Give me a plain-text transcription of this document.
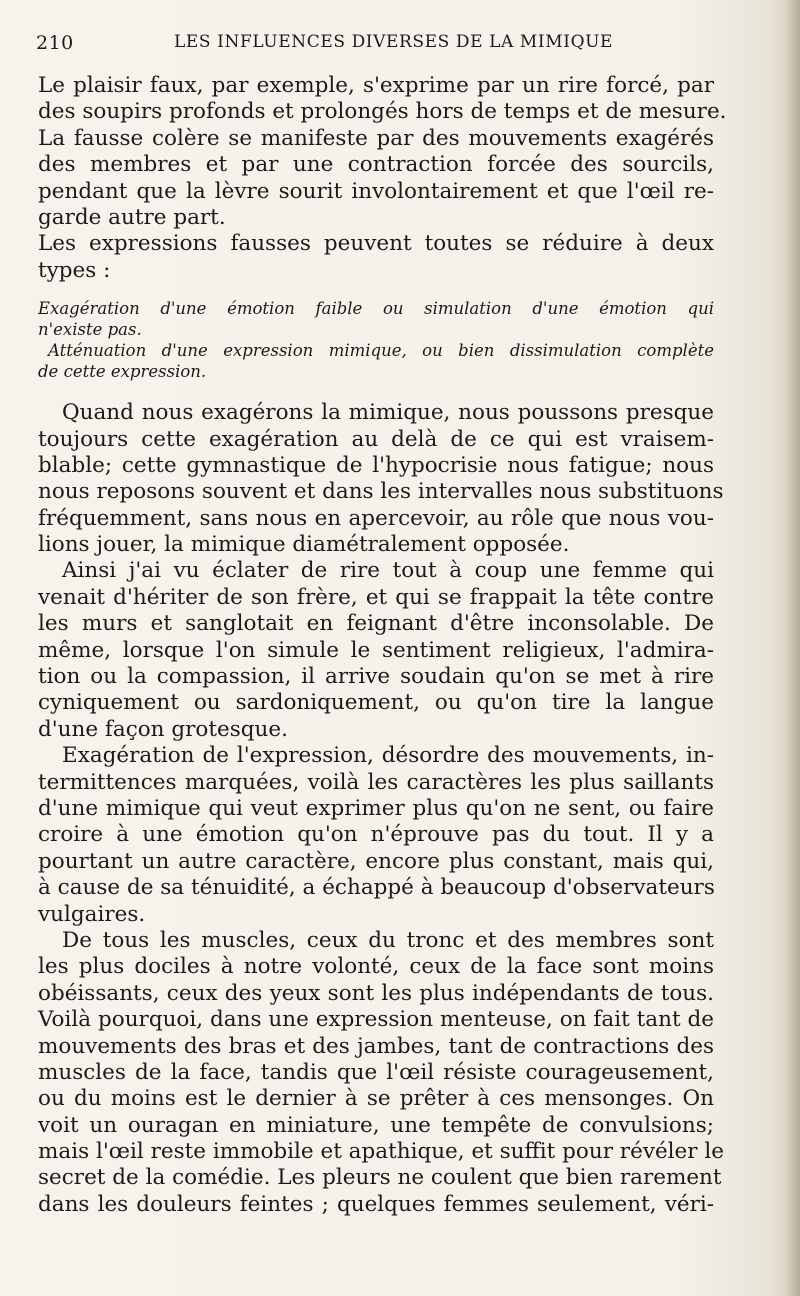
210	LES INFLUENCES DIVERSES DE LA MIMIQUE
Le plaisir faux, par exemple, s'exprime par un rire forcé, par
des soupirs profonds et prolongés hors de temps et de mesure.
La fausse colère se manifeste par des mouvements exagérés
des membres et par une contraction forcée des sourcils,
pendant que la lèvre sourit involontairement et que l'œil re-
garde autre part.
Les expressions fausses peuvent toutes se réduire à deux
types :
Exagération d'une émotion faible ou simulation d'une émotion qui
n'existe pas.
Atténuation d'une expression mimique, ou bien dissimulation complète
de cette expression.
Quand nous exagérons la mimique, nous poussons presque
toujours cette exagération au delà de ce qui est vraisem-
blable; cette gymnastique de l'hypocrisie nous fatigue; nous
nous reposons souvent et dans les intervalles nous substituons
fréquemment, sans nous en apercevoir, au rôle que nous vou-
lions jouer, la mimique diamétralement opposée.
Ainsi j'ai vu éclater de rire tout à coup une femme qui
venait d'hériter de son frère, et qui se frappait la tête contre
les murs et sanglotait en feignant d'être inconsolable. De
même, lorsque l'on simule le sentiment religieux, l'admira-
tion ou la compassion, il arrive soudain qu'on se met à rire
cyniquement ou sardoniquement, ou qu'on tire la langue
d'une façon grotesque.
Exagération de l'expression, désordre des mouvements, in-
termittences marquées, voilà les caractères les plus saillants
d'une mimique qui veut exprimer plus qu'on ne sent, ou faire
croire à une émotion qu'on n'éprouve pas du tout. Il y a
pourtant un autre caractère, encore plus constant, mais qui,
à cause de sa ténuidité, a échappé à beaucoup d'observateurs
vulgaires.
De tous les muscles, ceux du tronc et des membres sont
les plus dociles à notre volonté, ceux de la face sont moins
obéissants, ceux des yeux sont les plus indépendants de tous.
Voilà pourquoi, dans une expression menteuse, on fait tant de
mouvements des bras et des jambes, tant de contractions des
muscles de la face, tandis que l'œil résiste courageusement,
ou du moins est le dernier à se prêter à ces mensonges. On
voit un ouragan en miniature, une tempête de convulsions;
mais l'œil reste immobile et apathique, et suffit pour révéler le
secret de la comédie. Les pleurs ne coulent que bien rarement
dans les douleurs feintes ; quelques femmes seulement, véri-
